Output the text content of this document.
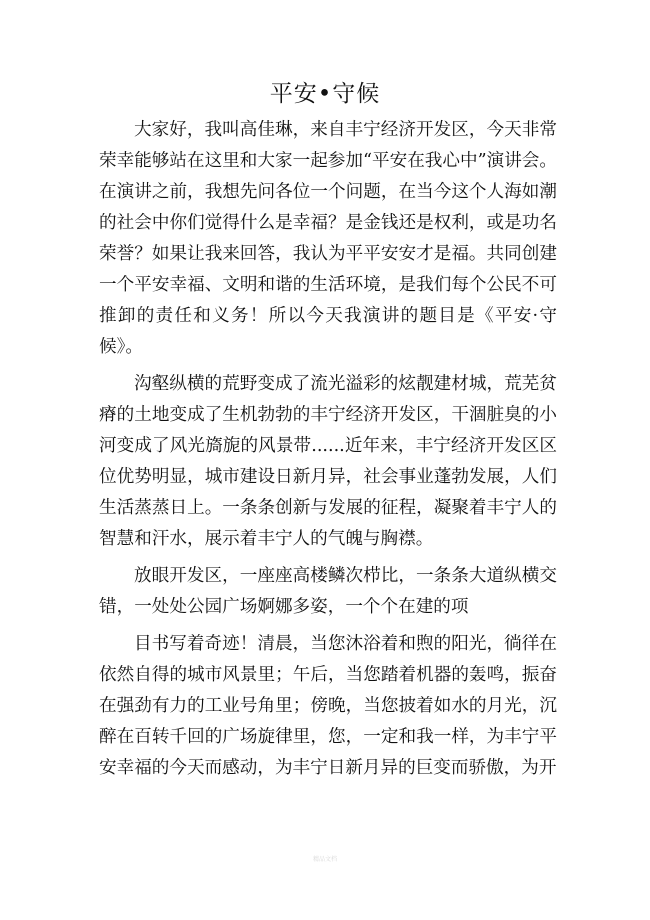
平安•守候

大家好，我叫高佳琳，来自丰宁经济开发区，今天非常荣幸能够站在这里和大家一起参加“平安在我心中”演讲会。在演讲之前，我想先问各位一个问题，在当今这个人海如潮的社会中你们觉得什么是幸福？是金钱还是权利，或是功名荣誉？如果让我来回答，我认为平平安安才是福。共同创建一个平安幸福、文明和谐的生活环境，是我们每个公民不可推卸的责任和义务！所以今天我演讲的题目是《平安·守候》。

沟壑纵横的荒野变成了流光溢彩的炫靓建材城，荒芜贫瘠的土地变成了生机勃勃的丰宁经济开发区，干涸脏臭的小河变成了风光旖旎的风景带......近年来，丰宁经济开发区区位优势明显，城市建设日新月异，社会事业蓬勃发展，人们生活蒸蒸日上。一条条创新与发展的征程，凝聚着丰宁人的智慧和汗水，展示着丰宁人的气魄与胸襟。

放眼开发区，一座座高楼鳞次栉比，一条条大道纵横交错，一处处公园广场婀娜多姿，一个个在建的项

目书写着奇迹！清晨，当您沐浴着和煦的阳光，徜徉在依然自得的城市风景里；午后，当您踏着机器的轰鸣，振奋在强劲有力的工业号角里；傍晚，当您披着如水的月光，沉醉在百转千回的广场旋律里，您，一定和我一样，为丰宁平安幸福的今天而感动，为丰宁日新月异的巨变而骄傲，为开

精品文档
